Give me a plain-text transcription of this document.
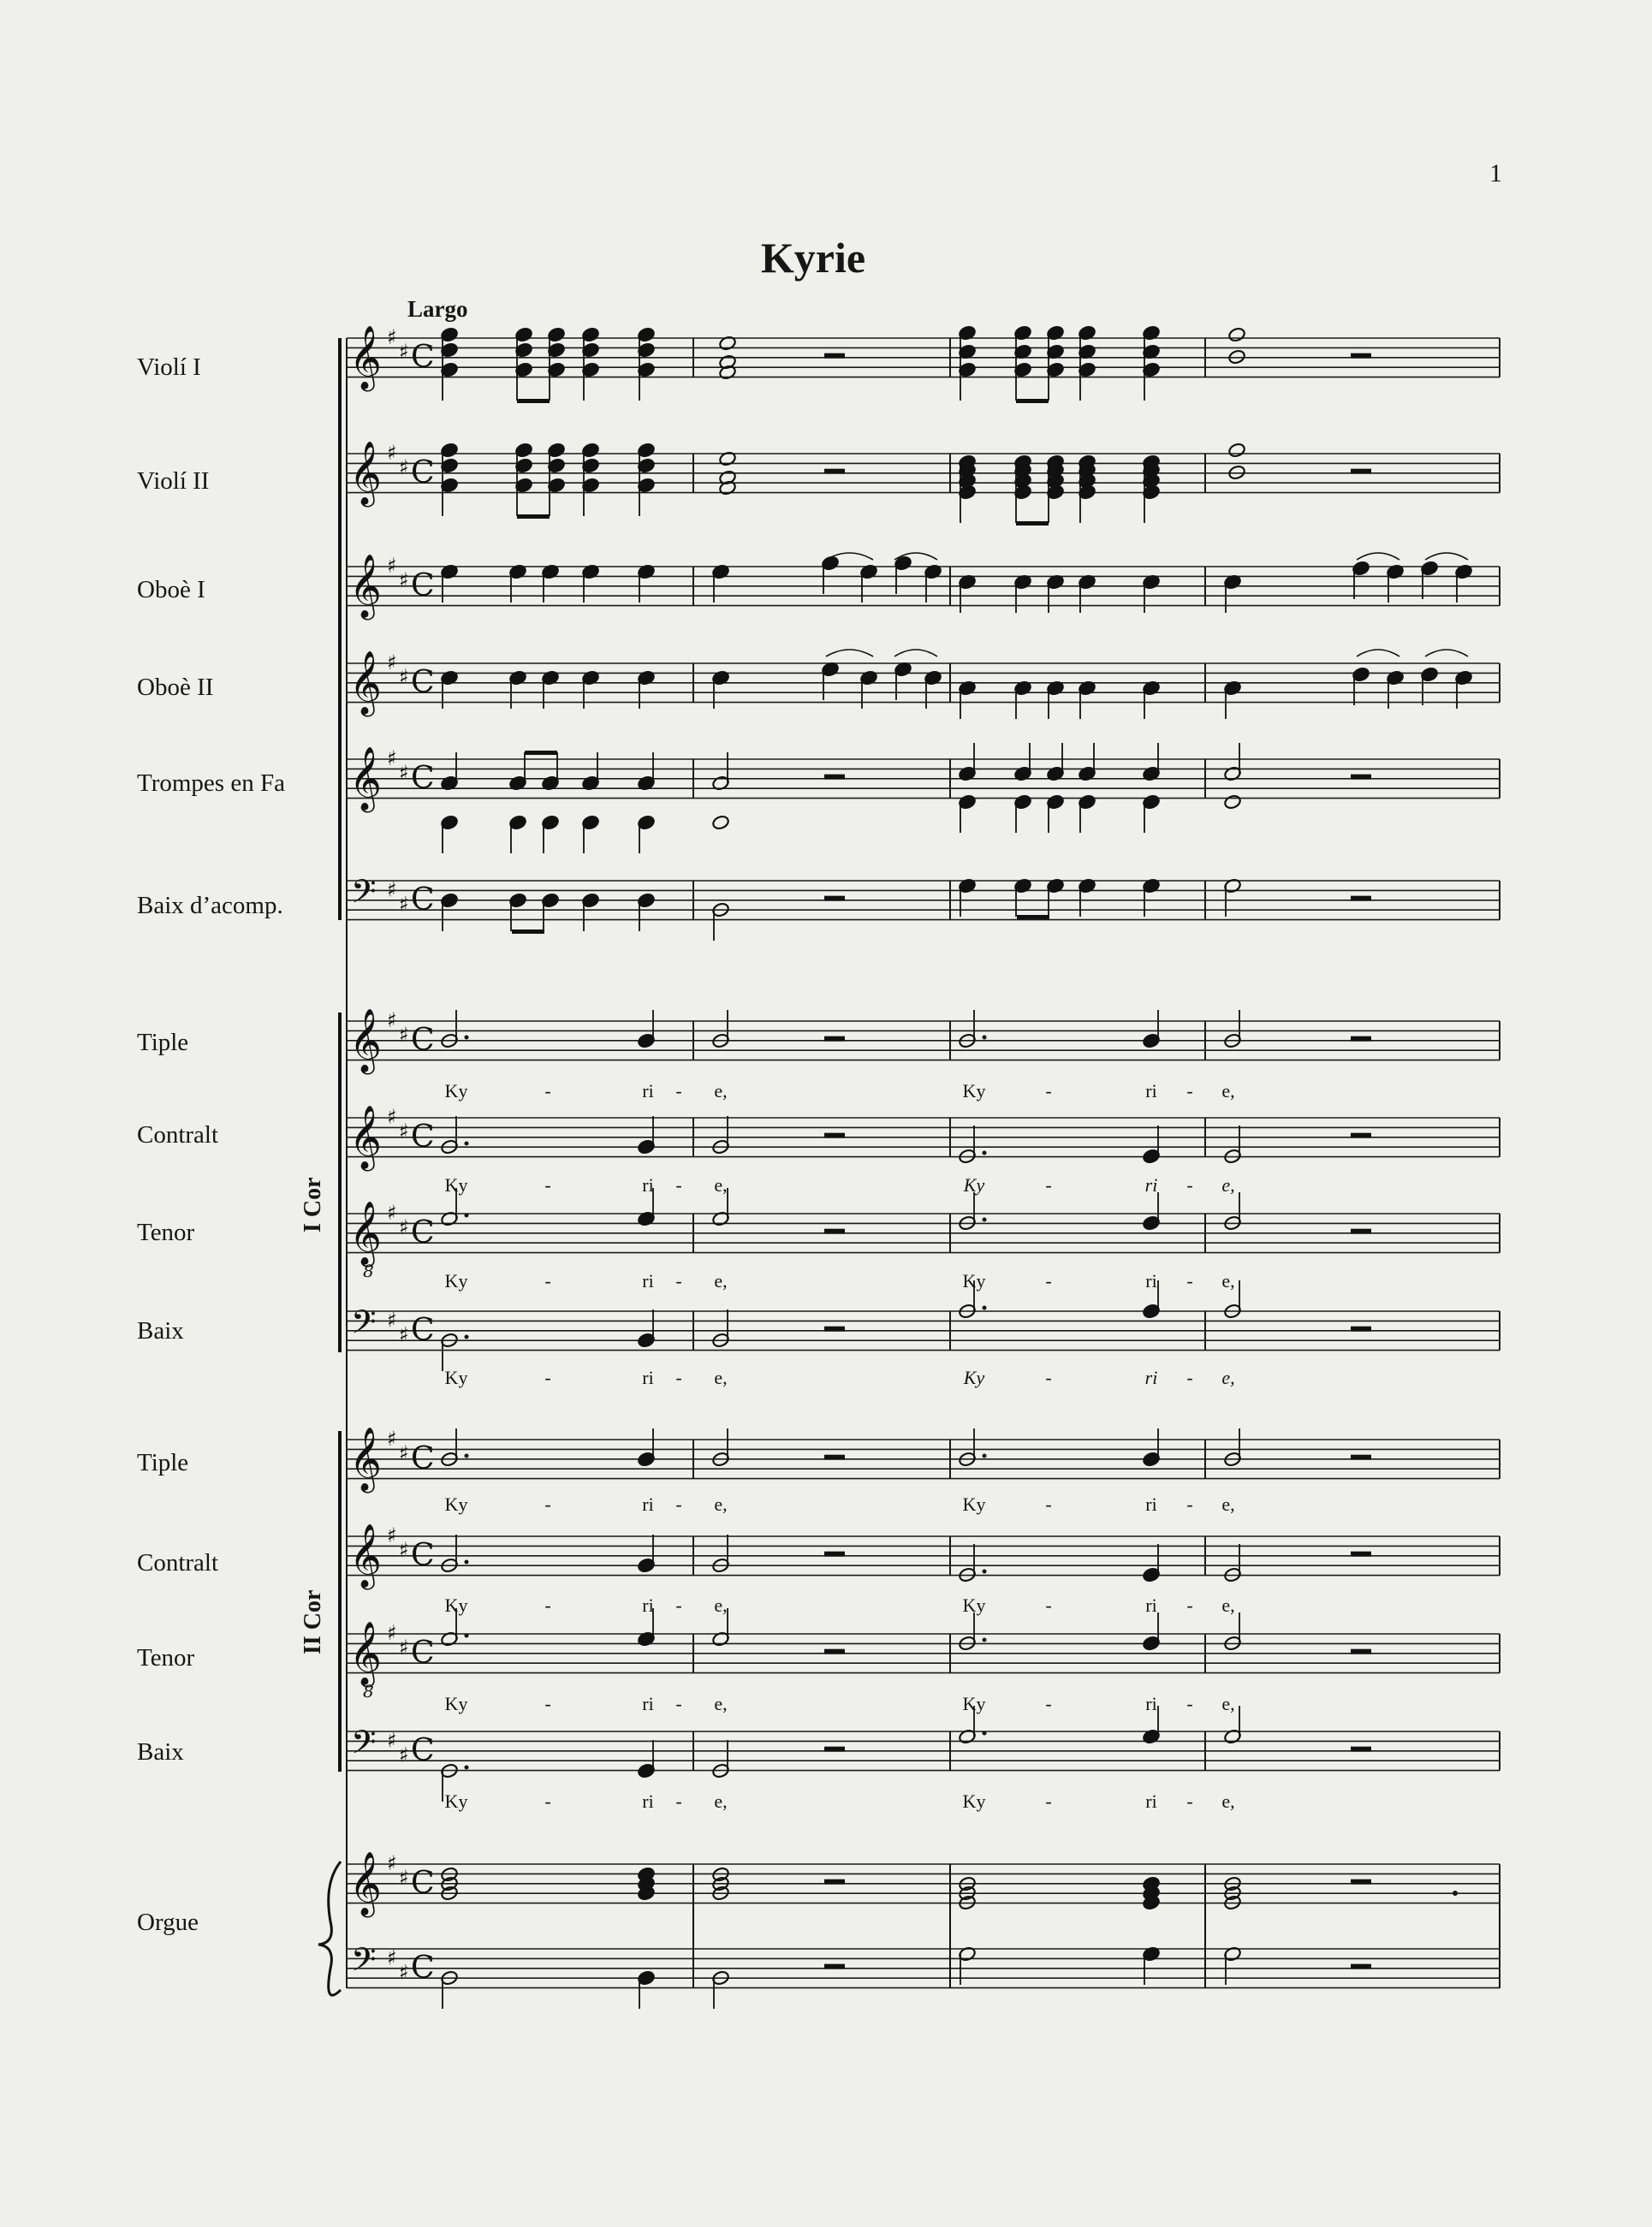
1
Kyrie
Largo
Violí I
Violí II
Oboè I
Oboè II
Trompes en Fa
Baix d’acomp.
Tiple
Contralt
Tenor
Baix
Tiple
Contralt
Tenor
Baix
Orgue
I Cor
II Cor
𝄞 ♯
♯ C
𝄞 ♯
♯ C
𝄞 ♯
♯ C
𝄞 ♯
♯ C
𝄞 ♯
♯ C
𝄢 ♯
♯ C
𝄞 ♯
♯ C
𝄞 ♯
♯ C
𝄞
8
♯
♯ C
𝄢 ♯
♯ C
𝄞 ♯
♯ C
𝄞 ♯
♯ C
𝄞
8
♯
♯ C
𝄢 ♯
♯ C
𝄞 ♯
♯ C
𝄢 ♯
♯ C
Ky	-	ri - e,	Ky	-	ri - e,
Ky	-	ri - e,	Ky	-	ri - e,
Ky	-	ri - e,	Ky	-	ri - e,
Ky	-	ri - e,	Ky	-	ri - e,
Ky	-	ri - e,	Ky	-	ri - e,
Ky	-	ri - e,	Ky	-	ri - e,
Ky	-	ri - e,	Ky	-	ri - e,
Ky	-	ri - e,	Ky	-	ri - e,
